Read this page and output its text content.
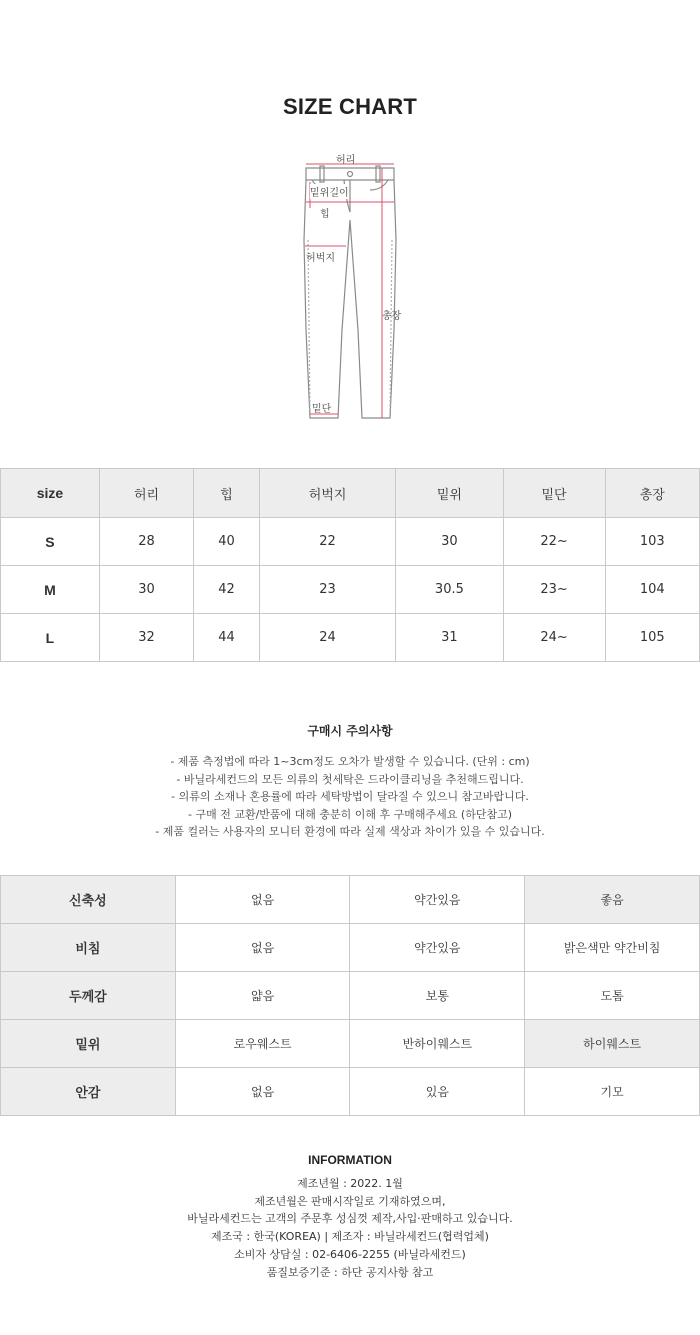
SIZE CHART
허리
밑위길이
힙
허벅지
밑단
총장
size	허리	힙	허벅지	밑위	밑단	총장
S	28	40	22	30	22~	103
M	30	42	23	30.5	23~	104
L	32	44	24	31	24~	105
구매시 주의사항

- 제품 측정법에 따라 1~3cm정도 오차가 발생할 수 있습니다. (단위 : cm)

- 바닐라세컨드의 모든 의류의 첫세탁은 드라이클리닝을 추천해드립니다.

- 의류의 소재나 혼용률에 따라 세탁방법이 달라질 수 있으니 참고바랍니다.

- 구매 전 교환/반품에 대해 충분히 이해 후 구매해주세요 (하단참고)

- 제품 컬러는 사용자의 모니터 환경에 따라 실제 색상과 차이가 있을 수 있습니다.

신축성	없음	약간있음	좋음
비침	없음	약간있음	밝은색만 약간비침
두께감	얇음	보통	도톰
밑위	로우웨스트	반하이웨스트	하이웨스트
안감	없음	있음	기모
INFORMATION

제조년월 : 2022. 1월

제조년월은 판매시작일로 기재하였으며,

바닐라세컨드는 고객의 주문후 성심껏 제작,사입·판매하고 있습니다.

제조국 : 한국(KOREA) | 제조자 : 바닐라세컨드(협력업체)

소비자 상담실 : 02-6406-2255 (바닐라세컨드)

품질보증기준 : 하단 공지사항 참고
